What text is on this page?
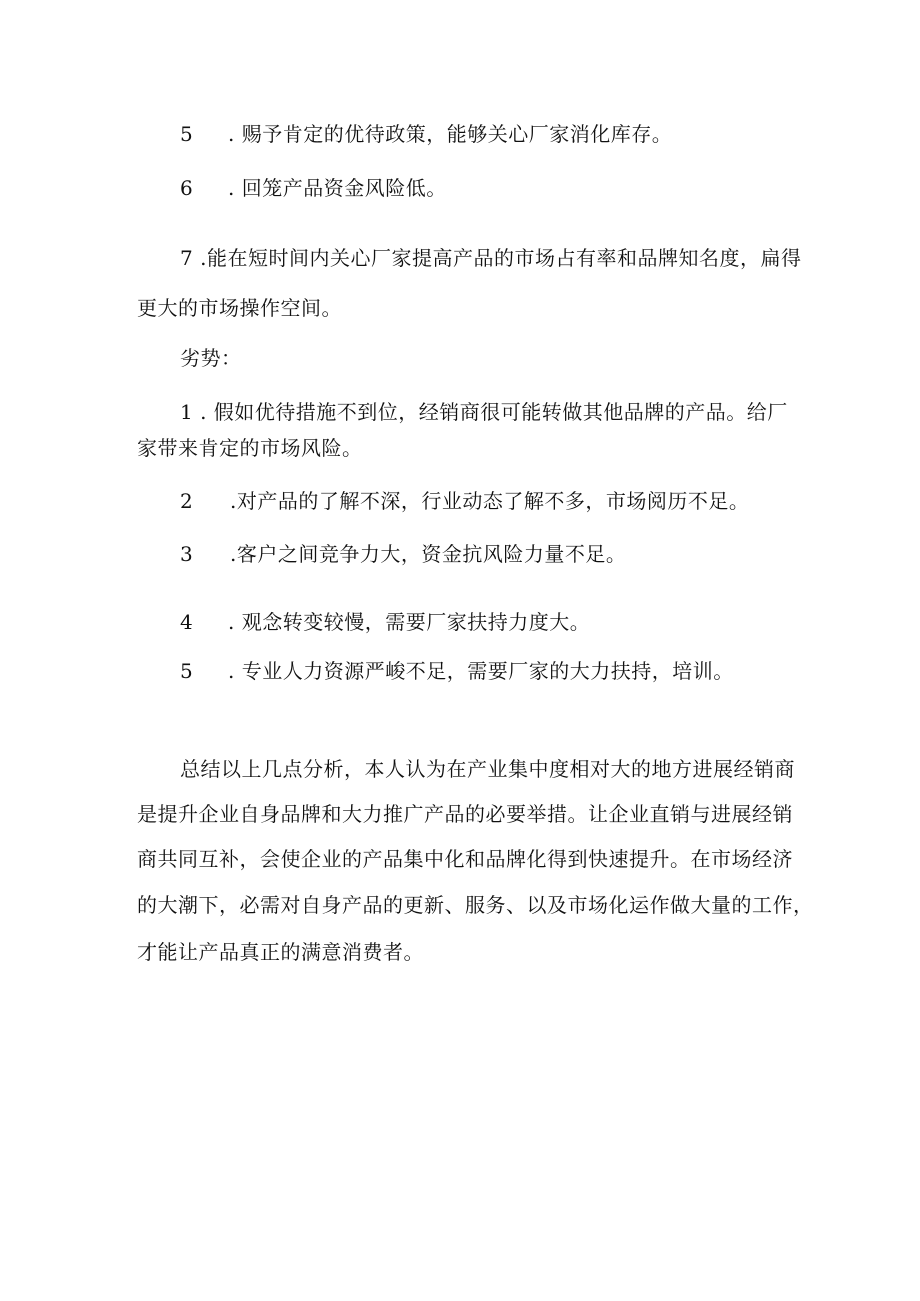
5 . 赐予肯定的优待政策，能够关心厂家消化库存。
6 . 回笼产品资金风险低。
7 .能在短时间内关心厂家提高产品的市场占有率和品牌知名度，扁得
更大的市场操作空间。
劣势：
1 . 假如优待措施不到位，经销商很可能转做其他品牌的产品。给厂
家带来肯定的市场风险。
2 .对产品的了解不深，行业动态了解不多，市场阅历不足。
3 .客户之间竞争力大，资金抗风险力量不足。
4 . 观念转变较慢，需要厂家扶持力度大。
5 . 专业人力资源严峻不足，需要厂家的大力扶持，培训。
总结以上几点分析，本人认为在产业集中度相对大的地方进展经销商
是提升企业自身品牌和大力推广产品的必要举措。让企业直销与进展经销
商共同互补，会使企业的产品集中化和品牌化得到快速提升。在市场经济
的大潮下，必需对自身产品的更新、服务、以及市场化运作做大量的工作，
才能让产品真正的满意消费者。
